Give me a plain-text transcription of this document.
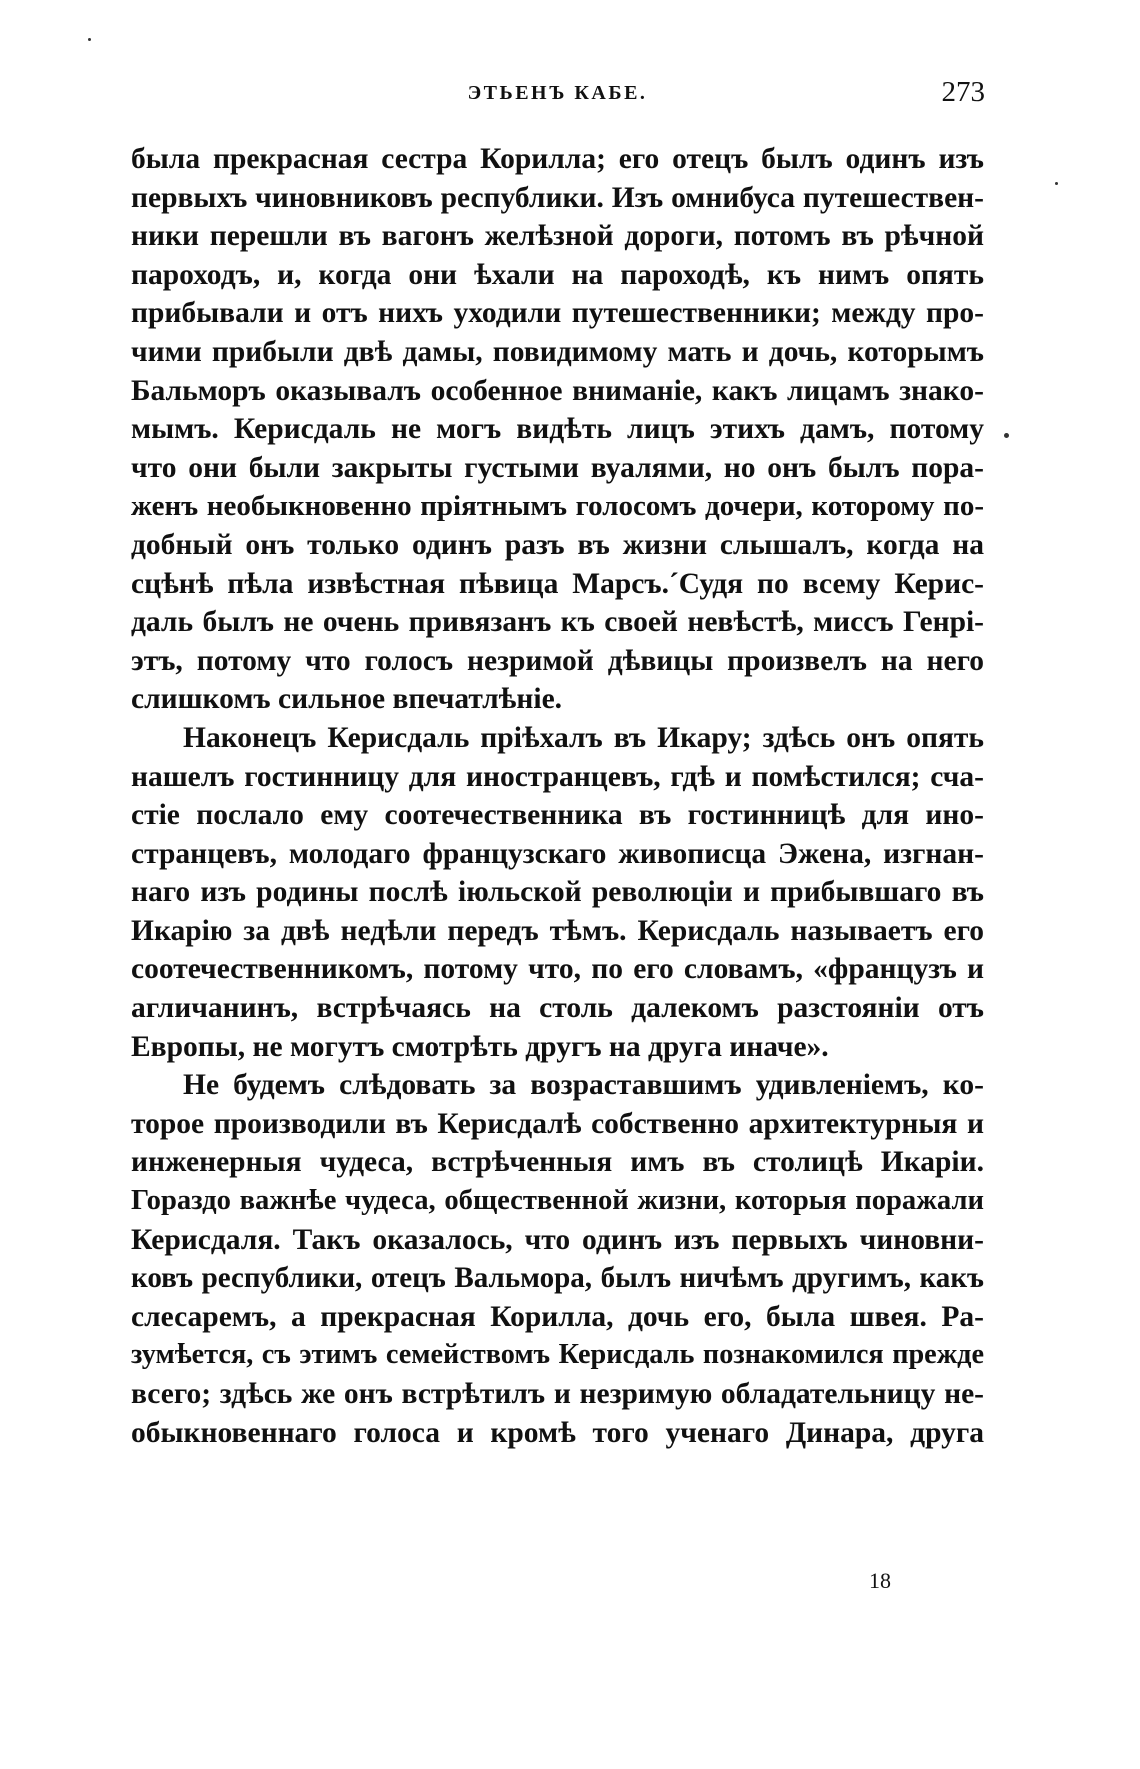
ЭТЬЕНЪ КАБЕ.	273
была прекрасная сестра Корилла; его отецъ былъ одинъ изъ
первыхъ чиновниковъ республики. Изъ омнибуса путешествен-
ники перешли въ вагонъ желѣзной дороги, потомъ въ рѣчной
пароходъ, и, когда они ѣхали на пароходѣ, къ нимъ опять
прибывали и отъ нихъ уходили путешественники; между про-
чими прибыли двѣ дамы, повидимому мать и дочь, которымъ
Бальморъ оказывалъ особенное вниманіе, какъ лицамъ знако-
мымъ. Керисдаль не могъ видѣть лицъ этихъ дамъ, потому
что они были закрыты густыми вуалями, но онъ былъ пора-
женъ необыкновенно пріятнымъ голосомъ дочери, которому по-
добный онъ только одинъ разъ въ жизни слышалъ, когда на
сцѣнѣ пѣла извѣстная пѣвица Марсъ.´Судя по всему Керис-
даль былъ не очень привязанъ къ своей невѣстѣ, миссъ Генрі-
этъ, потому что голосъ незримой дѣвицы произвелъ на него
слишкомъ сильное впечатлѣніе.
Наконецъ Керисдаль пріѣхалъ въ Икару; здѣсь онъ опять
нашелъ гостинницу для иностранцевъ, гдѣ и помѣстился; сча-
стіе послало ему соотечественника въ гостинницѣ для ино-
странцевъ, молодаго французскаго живописца Эжена, изгнан-
наго изъ родины послѣ іюльской революціи и прибывшаго въ
Икарію за двѣ недѣли передъ тѣмъ. Керисдаль называетъ его
соотечественникомъ, потому что, по его словамъ, «французъ и
агличанинъ, встрѣчаясь на столь далекомъ разстояніи отъ
Европы, не могутъ смотрѣть другъ на друга иначе».
Не будемъ слѣдовать за возраставшимъ удивленіемъ, ко-
торое производили въ Керисдалѣ собственно архитектурныя и
инженерныя чудеса, встрѣченныя имъ въ столицѣ Икаріи.
Гораздо важнѣе чудеса, общественной жизни, которыя поражали
Керисдаля. Такъ оказалось, что одинъ изъ первыхъ чиновни-
ковъ республики, отецъ Вальмора, былъ ничѣмъ другимъ, какъ
слесаремъ, а прекрасная Корилла, дочь его, была швея. Ра-
зумѣется, съ этимъ семействомъ Керисдаль познакомился прежде
всего; здѣсь же онъ встрѣтилъ и незримую обладательницу не-
обыкновеннаго голоса и кромѣ того ученаго Динара, друга
18
